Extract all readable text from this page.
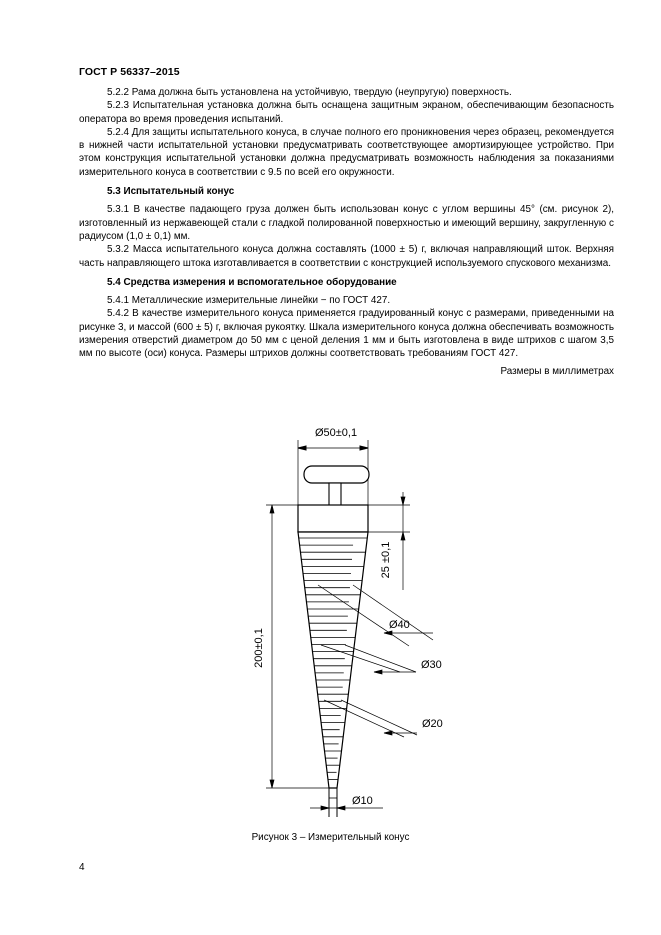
ГОСТ Р 56337–2015

5.2.2 Рама должна быть установлена на устойчивую, твердую (неупругую) поверхность.

5.2.3 Испытательная установка должна быть оснащена защитным экраном, обеспечивающим безопасность оператора во время проведения испытаний.

5.2.4 Для защиты испытательного конуса, в случае полного его проникновения через образец, рекомендуется в нижней части испытательной установки предусматривать соответствующее амортизирующее устройство. При этом конструкция испытательной установки должна предусматривать возможность наблюдения за показаниями измерительного конуса в соответствии с 9.5 по всей его окружности.

5.3 Испытательный конус

5.3.1 В качестве падающего груза должен быть использован конус с углом вершины 45° (см. рисунок 2), изготовленный из нержавеющей стали с гладкой полированной поверхностью и имеющий вершину, закругленную с радиусом (1,0 ± 0,1) мм.

5.3.2 Масса испытательного конуса должна составлять (1000 ± 5) г, включая направляющий шток. Верхняя часть направляющего штока изготавливается в соответствии с конструкцией используемого спускового механизма.

5.4 Средства измерения и вспомогательное оборудование

5.4.1 Металлические измерительные линейки − по ГОСТ 427.

5.4.2 В качестве измерительного конуса применяется градуированный конус с размерами, приведенными на рисунке 3, и массой (600 ± 5) г, включая рукоятку. Шкала измерительного конуса должна обеспечивать возможность измерения отверстий диаметром до 50 мм с ценой деления 1 мм и быть изготовлена в виде штрихов с шагом 3,5 мм по высоте (оси) конуса. Размеры штрихов должны соответствовать требованиям ГОСТ 427.

Размеры в миллиметрах

Ø50±0,1
25 ±0,1
200±0,1
Ø40
Ø30
Ø20
Ø10
Рисунок 3 – Измерительный конус
4
